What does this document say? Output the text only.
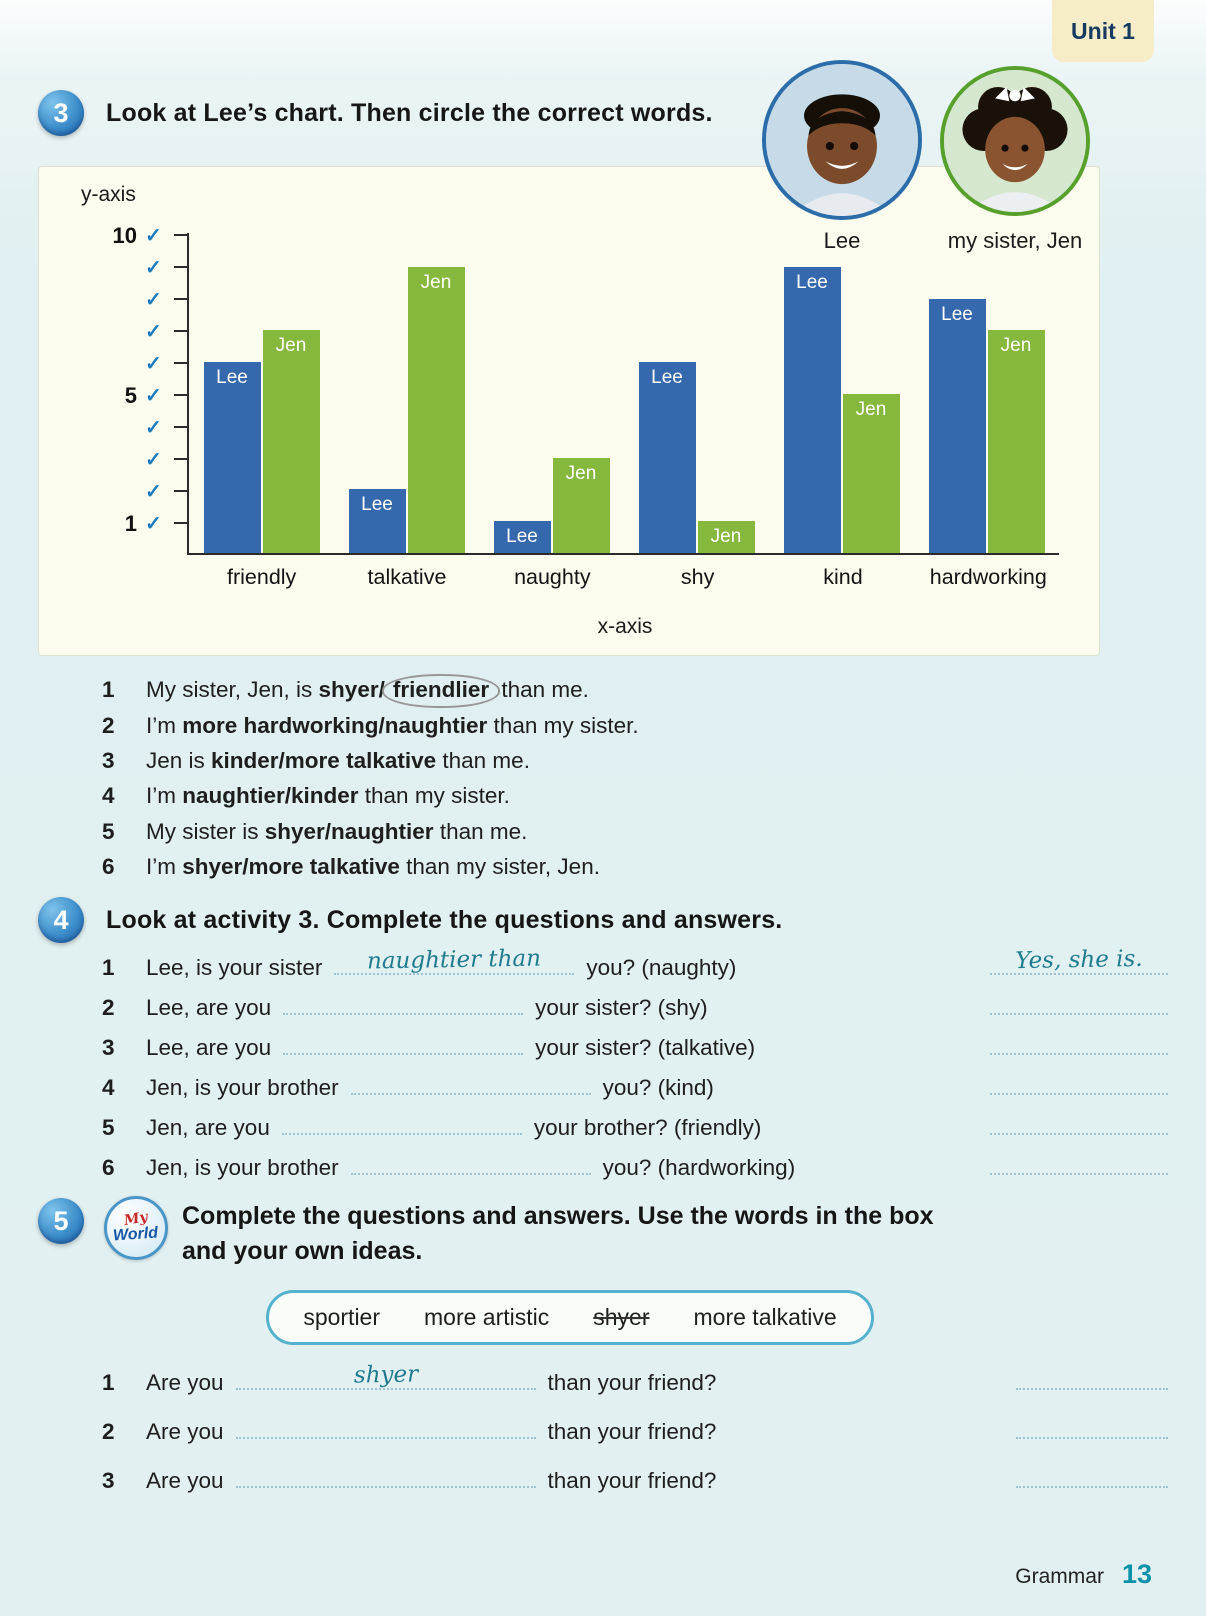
Unit 1
3	Look at Lee’s chart. Then circle the correct words.
Lee	my sister, Jen
y-axis
Lee
Jen
Lee
Jen
Lee
Jen
Lee
Jen
Lee
Jen
Lee
Jen
✓
1
✓
✓
✓
✓
5
✓
✓
✓
✓
✓
10
friendly	talkative	naughty	shy	kind	hardworking
x-axis
1	My sister, Jen, is shyer/ friendlier than me.
2	I’m more hardworking/naughtier than my sister.
3	Jen is kinder/more talkative than me.
4	I’m naughtier/kinder than my sister.
5	My sister is shyer/naughtier than me.
6	I’m shyer/more talkative than my sister, Jen.
4	Look at activity 3. Complete the questions and answers.
1	Lee, is your sister	naughtier than	you? (naughty)	Yes, she is.
2	Lee, are you	your sister? (shy)
3	Lee, are you	your sister? (talkative)
4	Jen, is your brother	you? (kind)
5	Jen, are you	your brother? (friendly)
6	Jen, is your brother	you? (hardworking)
5	My
World
Complete the questions and answers. Use the words in the box and your own ideas.
sportier more artistic shyer more talkative
1	Are you	shyer	than your friend?
2	Are you	than your friend?
3	Are you	than your friend?
Grammar 13
